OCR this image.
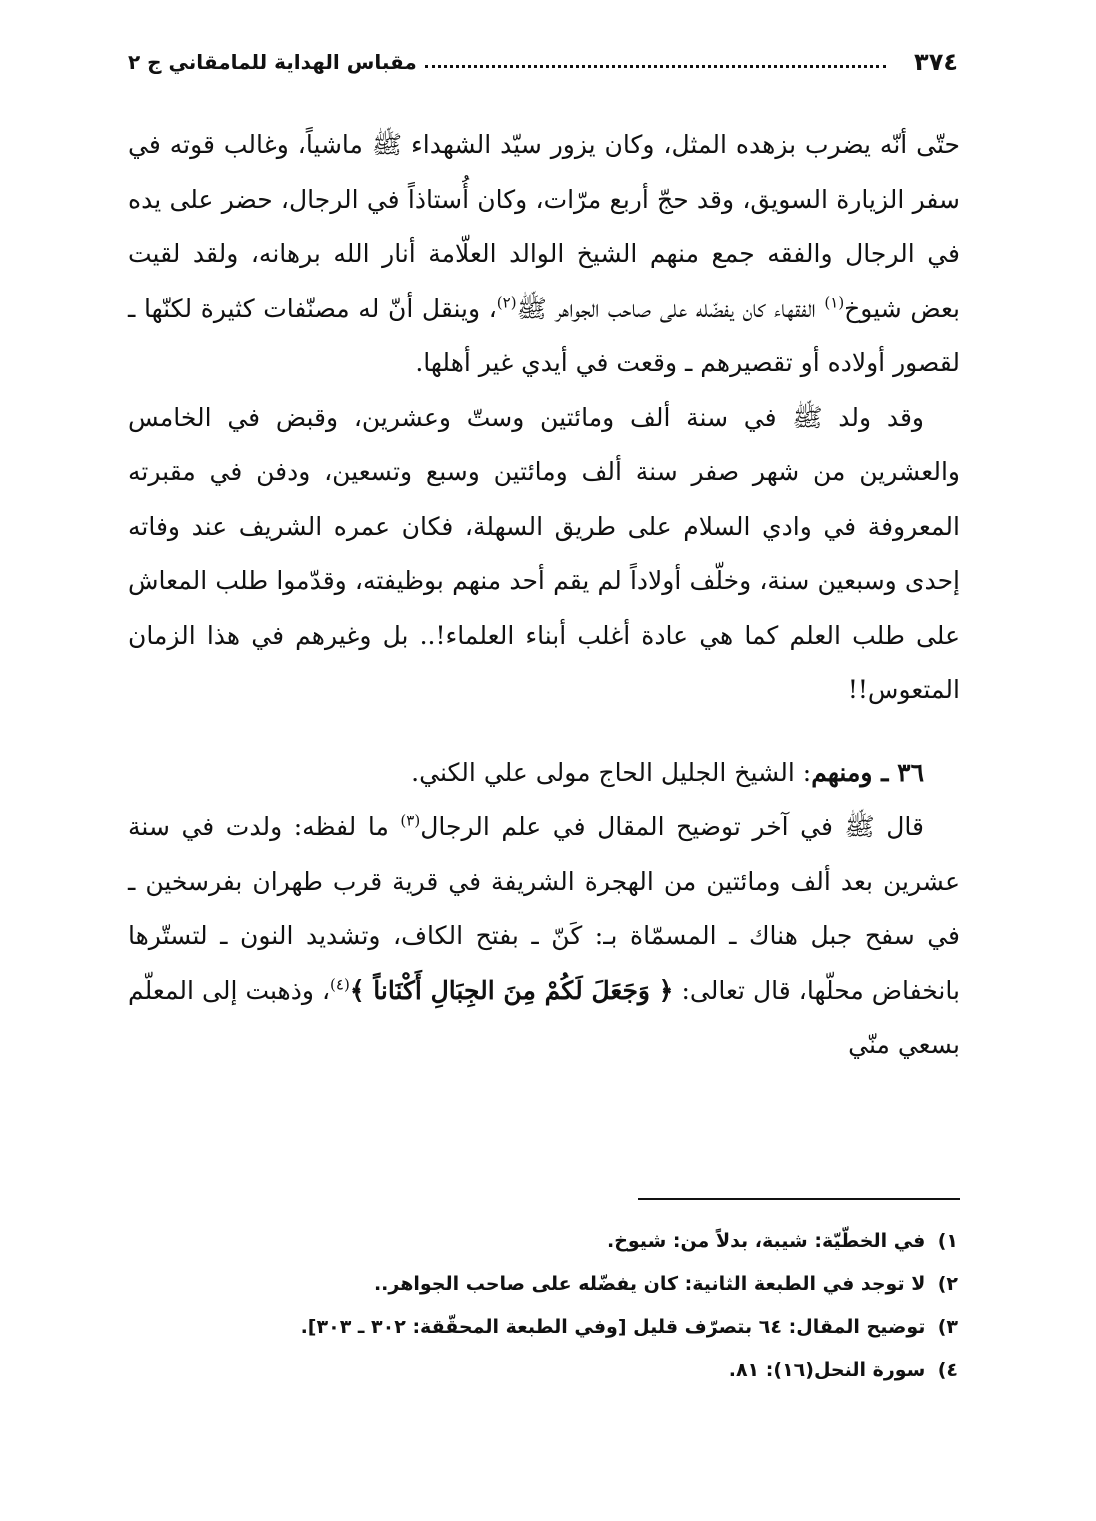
٣٧٤
مقباس الهداية للمامقاني ج ٢

حتّى أنّه يضرب بزهده المثل، وكان يزور سيّد الشهداء ﷺ ماشياً، وغالب قوته في سفر الزيارة السويق، وقد حجّ أربع مرّات، وكان أُستاذاً في الرجال، حضر على يده في الرجال والفقه جمع منهم الشيخ الوالد العلّامة أنار الله برهانه، ولقد لقيت بعض شيوخ$^{(١)}$ الفقهاء كان يفضّله على صاحب الجواهر ﷺ$^{(٢)}$، وينقل أنّ له مصنّفات كثيرة لكنّها ـ لقصور أولاده أو تقصيرهم ـ وقعت في أيدي غير أهلها.

وقد ولد ﷺ في سنة ألف ومائتين وستّ وعشرين، وقبض في الخامس والعشرين من شهر صفر سنة ألف ومائتين وسبع وتسعين، ودفن في مقبرته المعروفة في وادي السلام على طريق السهلة، فكان عمره الشريف عند وفاته إحدى وسبعين سنة، وخلّف أولاداً لم يقم أحد منهم بوظيفته، وقدّموا طلب المعاش على طلب العلم كما هي عادة أغلب أبناء العلماء!.. بل وغيرهم في هذا الزمان المتعوس!!

٣٦ ـ ومنهم: الشيخ الجليل الحاج مولى علي الكني.

قال ﷺ في آخر توضيح المقال في علم الرجال$^{(٣)}$ ما لفظه: ولدت في سنة عشرين بعد ألف ومائتين من الهجرة الشريفة في قرية قرب طهران بفرسخين ـ في سفح جبل هناك ـ المسمّاة بـ: كَنّ ـ بفتح الكاف، وتشديد النون ـ لتستّرها بانخفاض محلّها، قال تعالى: ﴿ وَجَعَلَ لَكُمْ مِنَ الجِبَالِ أَكْنَاناً ﴾$^{(٤)}$، وذهبت إلى المعلّم بسعي منّي

١) في الخطّيّة: شيبة، بدلاً من: شيوخ.

٢) لا توجد في الطبعة الثانية: كان يفضّله على صاحب الجواهر..

٣) توضيح المقال: ٦٤ بتصرّف قليل [وفي الطبعة المحقّقة: ٣٠٢ ـ ٣٠٣].

٤) سورة النحل(١٦): ٨١.
